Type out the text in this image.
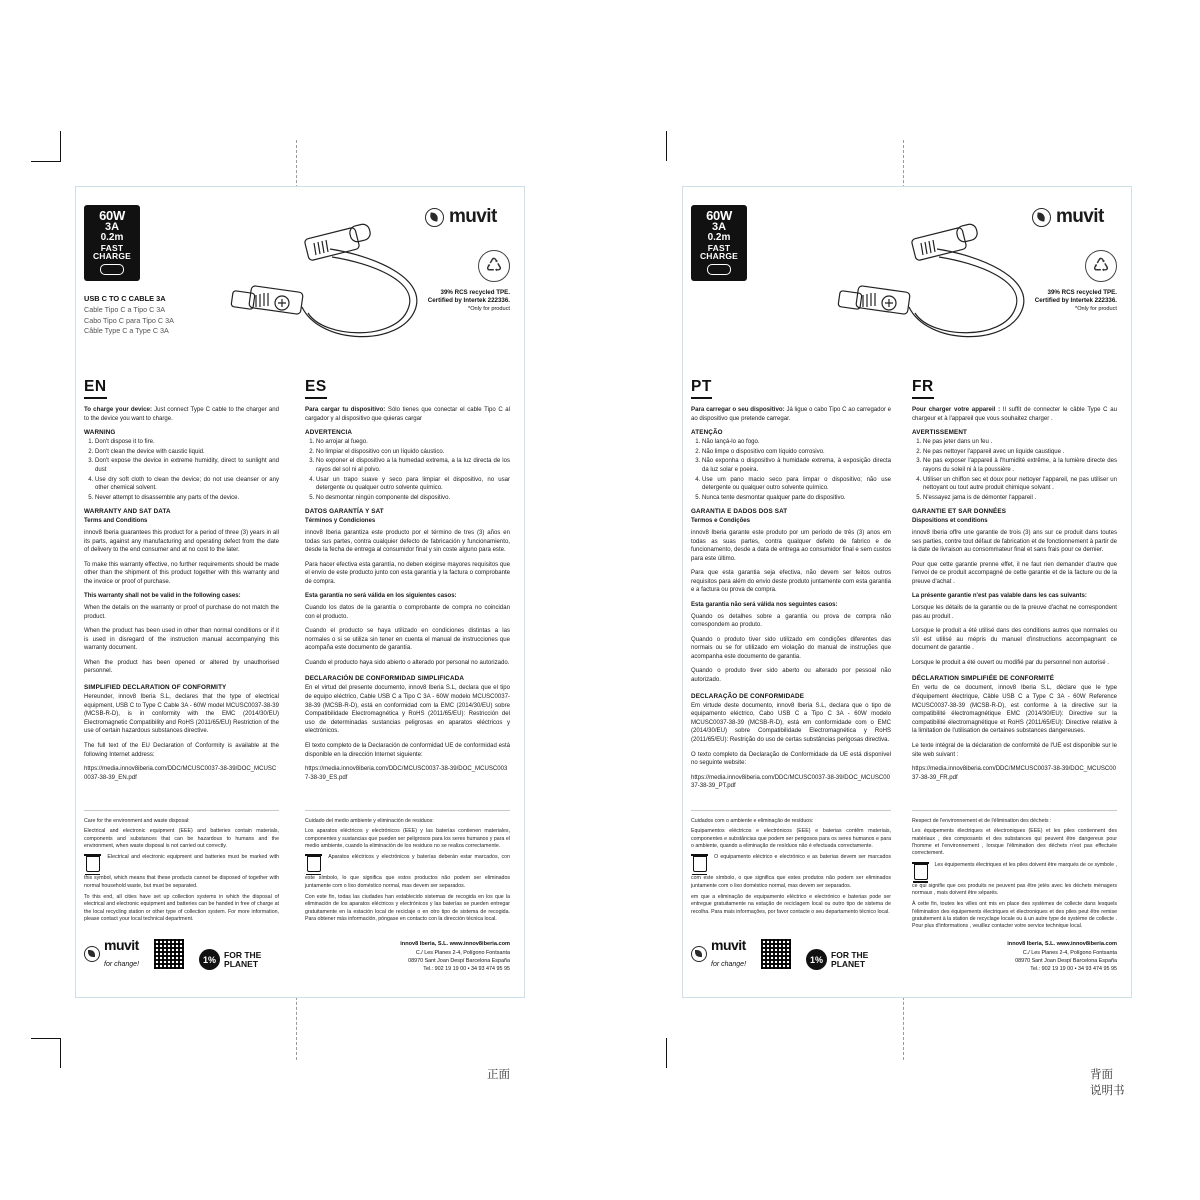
60W
3A
0.2m
FAST
CHARGE
USB C TO C CABLE 3A
Cable Tipo C a Tipo C 3A
Cabo Tipo C para Tipo C 3A
Câble Type C a Type C 3A
muvit
♺
39% RCS recycled TPE.
Certified by Intertek 222336.
*Only for product
EN
To charge your device: Just connect Type C cable to the charger and to the device you want to charge.
WARNING
1. Don't dispose it to fire.
2. Don't clean the device with caustic liquid.
3. Don't expose the device in extreme humidity, direct to sunlight and dust
4. Use dry soft cloth to clean the device; do not use cleanser or any other chemical solvent.
5. Never attempt to disassemble any parts of the device.
WARRANTY AND SAT DATA
Terms and Conditions
innov8 Iberia guarantees this product for a period of three (3) years in all its parts, against any manufacturing and operating defect from the date of delivery to the end consumer and at no cost to the later.
To make this warranty effective, no further requirements should be made other than the shipment of this product together with this warranty and the invoice or proof of purchase.
This warranty shall not be valid in the following cases:
When the details on the warranty or proof of purchase do not match the product.
When the product has been used in other than normal conditions or if it is used in disregard of the instruction manual accompanying this warranty document.
When the product has been opened or altered by unauthorised personnel.
SIMPLIFIED DECLARATION OF CONFORMITY
Hereunder, innov8 Iberia S.L, declares that the type of electrical equipment, USB C to Type C Cable 3A - 60W model MCUSC0037-38-39 (MCSB-R-D), is in conformity with the EMC (2014/30/EU) Electromagnetic Compatibility and RoHS (2011/65/EU) Restriction of the use of certain hazardous substances directive.
The full text of the EU Declaration of Conformity is available at the following Internet address:
https://media.innov8iberia.com/DDC/MCUSC0037-38-39/DOC_MCUSC0037-38-39_EN.pdf
ES
Para cargar tu dispositivo: Sólo tienes que conectar el cable Tipo C al cargador y al dispositivo que quieras cargar
ADVERTENCIA
1. No arrojar al fuego.
2. No limpiar el dispositivo con un líquido cáustico.
3. No exponer el dispositivo a la humedad extrema, a la luz directa de los rayos del sol ni al polvo.
4. Usar un trapo suave y seco para limpiar el dispositivo, no usar detergente ou qualquer outro solvente químico.
5. No desmontar ningún componente del dispositivo.
DATOS GARANTÍA Y SAT
Términos y Condiciones
innov8 Iberia garantiza este producto por el término de tres (3) años en todas sus partes, contra cualquier defecto de fabricación y funcionamiento, desde la fecha de entrega al consumidor final y sin coste alguno para este.
Para hacer efectiva esta garantía, no deben exigirse mayores requisitos que el envío de este producto junto con esta garantía y la factura o comprobante de compra.
Esta garantía no será válida en los siguientes casos:
Cuando los datos de la garantía o comprobante de compra no coincidan con el producto.
Cuando el producto se haya utilizado en condiciones distintas a las normales o si se utiliza sin tener en cuenta el manual de instrucciones que acompaña este documento de garantía.
Cuando el producto haya sido abierto o alterado por personal no autorizado.
DECLARACIÓN DE CONFORMIDAD SIMPLIFICADA
En el virtud del presente documento, innov8 Iberia S.L, declara que el tipo de equipo eléctrico, Cable USB C a Tipo C 3A - 60W modelo MCUSC0037-38-39 (MCSB-R-D), está en conformidad com la EMC (2014/30/EU) sobre Compatibilidade Electromagnética y RoHS (2011/65/EU): Restricción del uso de determinadas sustancias peligrosas en aparatos eléctricos y electrónicos.
El texto completo de la Declaración de conformidad UE de conformidad está disponible en la dirección Internet siguiente:
https://media.innov8iberia.com/DDC/MCUSC0037-38-39/DOC_MCUSC0037-38-39_ES.pdf
Care for the environment and waste disposal:
Electrical and electronic equipment (EEE) and batteries contain materials, components and substances that can be hazardous to humans and the environment, when waste disposal is not carried out correctly.
Electrical and electronic equipment and batteries must be marked with this symbol, which means that these products cannot be disposed of together with normal household waste, but must be separated.
To this end, all cities have set up collection systems in which the disposal of electrical and electronic equipment and batteries can be handed in free of charge at the local recycling station or other type of collection system. For more information, please contact your local technical department.
Cuidado del medio ambiente y eliminación de residuos:
Los aparatos eléctricos y electrónicos (EEE) y las baterías contienen materiales, componentes y sustancias que pueden ser peligrosos para los seres humanos y para el medio ambiente, cuando la eliminación de los residuos no se realiza correctamente.
Aparatos eléctricos y electrónicos y baterías deberán estar marcados, con este símbolo, lo que significa que estos productos não podem ser eliminados juntamente com o lixo doméstico normal, mas devem ser separados.
Con este fin, todas las ciudades han establecido sistemas de recogida en los que la eliminación de los aparatos eléctricos y electrónicos y las baterías se pueden entregar gratuitamente en la estación local de reciclaje o en otro tipo de sistema de recogida. Para obtener más información, póngase en contacto con la dirección técnica local.
muvit
for change!	1% FOR THE
PLANET
innov8 Iberia, S.L. www.innov8iberia.com
C./ Les Planes 2-4, Polígono Fontsanta
08970 Sant Joan Despí Barcelona España
Tel.: 902 19 19 00 • 34 93 474 95 95
正面
60W
3A
0.2m
FAST
CHARGE
muvit
♺
39% RCS recycled TPE.
Certified by Intertek 222336.
*Only for product
PT
Para carregar o seu dispositivo: Já ligue o cabo Tipo C ao carregador e ao dispositivo que pretende carregar.
ATENÇÃO
1. Não lançá-lo ao fogo.
2. Não limpe o dispositivo com líquido corrosivo.
3. Não exponha o dispositivo à humidade extrema, à exposição directa da luz solar e poeira.
4. Use um pano macio seco para limpar o dispositivo; não use detergente ou qualquer outro solvente químico.
5. Nunca tente desmontar qualquer parte do dispositivo.
GARANTIA E DADOS DOS SAT
Termos e Condições
innov8 Iberia garante este produto por um período de três (3) anos em todas as suas partes, contra qualquer defeito de fabrico e de funcionamento, desde a data de entrega ao consumidor final e sem custos para este último.
Para que esta garantia seja efectiva, não devem ser feitos outros requisitos para além do envio deste produto juntamente com esta garantia e a factura ou prova de compra.
Esta garantia não será válida nos seguintes casos:
Quando os detalhes sobre a garantia ou prova de compra não correspondem ao produto.
Quando o produto tiver sido utilizado em condições diferentes das normais ou se for utilizado em violação do manual de instruções que acompanha este documento de garantia.
Quando o produto tiver sido aberto ou alterado por pessoal não autorizado.
DECLARAÇÃO DE CONFORMIDADE
Em virtude deste documento, innov8 Iberia S.L, declara que o tipo de equipamento eléctrico, Cabo USB C a Tipo C 3A - 60W modelo MCUSC0037-38-39 (MCSB-R-D), está em conformidade com o EMC (2014/30/EU) sobre Compatibilidade Electromagnética y RoHS (2011/65/EU): Restrição do uso de certas substâncias perigosas directiva.
O texto completo da Declaração de Conformidade da UE está disponível no seguinte website:
https://media.innov8iberia.com/DDC/MCUSC0037-38-39/DOC_MCUSC0037-38-39_PT.pdf
FR
Pour charger votre appareil : Il suffit de connecter le câble Type C au chargeur et à l'appareil que vous souhaitez charger .
AVERTISSEMENT
1. Ne pas jeter dans un feu .
2. Ne pas nettoyer l'appareil avec un liquide caustique .
3. Ne pas exposer l'appareil à l'humidité extrême, à la lumière directe des rayons du soleil ni à la poussière .
4. Utiliser un chiffon sec et doux pour nettoyer l'appareil, ne pas utiliser un nettoyant ou tout autre produit chimique solvant .
5. N'essayez jama is de démonter l'appareil .
GARANTIE ET SAR DONNÉES
Dispositions et conditions
innov8 Iberia offre une garantie de trois (3) ans sur ce produit dans toutes ses parties, contre tout défaut de fabrication et de fonctionnement à partir de la date de livraison au consommateur final et sans frais pour ce dernier.
Pour que cette garantie prenne effet, il ne faut rien demander d'autre que l'envoi de ce produit accompagné de cette garantie et de la facture ou de la preuve d'achat .
La présente garantie n'est pas valable dans les cas suivants:
Lorsque les détails de la garantie ou de la preuve d'achat ne correspondent pas au produit .
Lorsque le produit a été utilisé dans des conditions autres que normales ou s'il est utilisé au mépris du manuel d'instructions accompagnant ce document de garantie .
Lorsque le produit a été ouvert ou modifié par du personnel non autorisé .
DÉCLARATION SIMPLIFIÉE DE CONFORMITÉ
En vertu de ce document, innov8 Iberia S.L, déclare que le type d'équipement électrique, Câble USB C a Type C 3A - 60W Reference MCUSC0037-38-39 (MCSB-R-D), est conforme à la directive sur la compatibilité électromagnétique EMC (2014/30/EU): Directive sur la compatibilité électromagnétique et RoHS (2011/65/EU): Directive relative à la limitation de l'utilisation de certaines substances dangereuses.
Le texte intégral de la déclaration de conformité de l'UE est disponible sur le site web suivant :
https://media.innov8iberia.com/DDC/MMCUSC0037-38-39/DOC_MCUSC0037-38-39_FR.pdf
Cuidados com o ambiente e eliminação de resíduos:
Equipamentos eléctricos e electrónicos (EEE) e baterias contêm materiais, componentes e substâncias que podem ser perigosos para os seres humanos e para o ambiente, quando a eliminação de resíduos não é efectuada correctamente.
O equipamento eléctrico e electrónico e as baterias devem ser marcados com este símbolo, o que significa que estes produtos não podem ser eliminados juntamente com o lixo doméstico normal, mas devem ser separados.
em que a eliminação de equipamento eléctrico e electrónico e baterias pode ser entregue gratuitamente na estação de reciclagem local ou outro tipo de sistema de recolha. Para mais informações, por favor contacte o seu departamento técnico local.
Respect de l'environnement et de l'élimination des déchets :
Les équipements électriques et électroniques (EEE) et les piles contiennent des matériaux , des composants et des substances qui peuvent être dangereux pour l'homme et l'environnement , lorsque l'élimination des déchets n'est pas effectuée correctement.
Les équipements électriques et les piles doivent être marqués de ce symbole , ce qui signifie que ces produits ne peuvent pas être jetés avec les déchets ménagers normaux , mais doivent être séparés.
À cette fin, toutes les villes ont mis en place des systèmes de collecte dans lesquels l'élimination des équipements électriques et électroniques et des piles peut être remise gratuitement à la station de recyclage locale ou à un autre type de système de collecte . Pour plus d'informations , veuillez contacter votre service technique local.
muvit
for change!	1% FOR THE
PLANET
innov8 Iberia, S.L. www.innov8iberia.com
C./ Les Planes 2-4, Polígono Fontsanta
08970 Sant Joan Despí Barcelona España
Tel.: 902 19 19 00 • 34 93 474 95 95
背面
说明书
